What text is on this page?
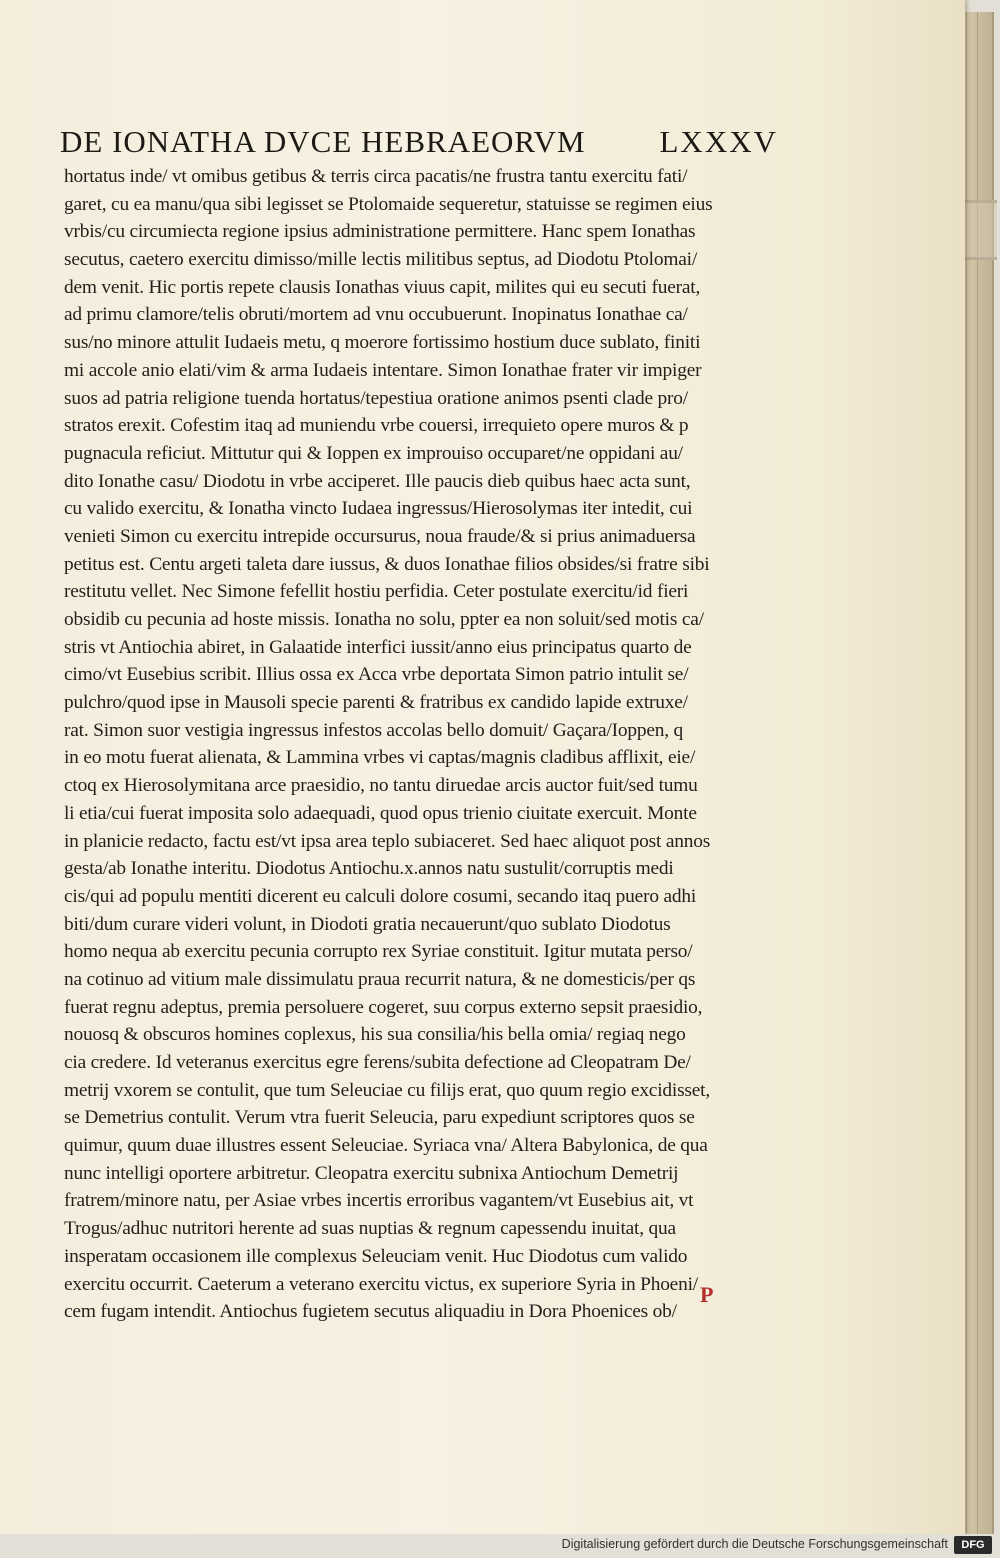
DE IONATHA DVCE HEBRAEORVM LXXXV
hortatus inde/ vt omibus getibus & terris circa pacatis/ne frustra tantu exercitu fati/
garet, cu ea manu/qua sibi legisset se Ptolomaide sequeretur, statuisse se regimen eius
vrbis/cu circumiecta regione ipsius administratione permittere. Hanc spem Ionathas
secutus, caetero exercitu dimisso/mille lectis militibus septus, ad Diodotu Ptolomai/
dem venit. Hic portis repete clausis Ionathas viuus capit, milites qui eu secuti fuerat,
ad primu clamore/telis obruti/mortem ad vnu occubuerunt. Inopinatus Ionathae ca/
sus/no minore attulit Iudaeis metu, q moerore fortissimo hostium duce sublato, finiti
mi accole anio elati/vim & arma Iudaeis intentare. Simon Ionathae frater vir impiger
suos ad patria religione tuenda hortatus/tepestiua oratione animos psenti clade pro/
stratos erexit. Cofestim itaq ad muniendu vrbe couersi, irrequieto opere muros & p
pugnacula reficiut. Mittutur qui & Ioppen ex improuiso occuparet/ne oppidani au/
dito Ionathe casu/ Diodotu in vrbe acciperet. Ille paucis dieb quibus haec acta sunt,
cu valido exercitu, & Ionatha vincto Iudaea ingressus/Hierosolymas iter intedit, cui
venieti Simon cu exercitu intrepide occursurus, noua fraude/& si prius animaduersa
petitus est. Centu argeti taleta dare iussus, & duos Ionathae filios obsides/si fratre sibi
restitutu vellet. Nec Simone fefellit hostiu perfidia. Ceter postulate exercitu/id fieri
obsidib cu pecunia ad hoste missis. Ionatha no solu, ppter ea non soluit/sed motis ca/
stris vt Antiochia abiret, in Galaatide interfici iussit/anno eius principatus quarto de
cimo/vt Eusebius scribit. Illius ossa ex Acca vrbe deportata Simon patrio intulit se/
pulchro/quod ipse in Mausoli specie parenti & fratribus ex candido lapide extruxe/
rat. Simon suor vestigia ingressus infestos accolas bello domuit/ Gaçara/Ioppen, q
in eo motu fuerat alienata, & Lammina vrbes vi captas/magnis cladibus afflixit, eie/
ctoq ex Hierosolymitana arce praesidio, no tantu diruedae arcis auctor fuit/sed tumu
li etia/cui fuerat imposita solo adaequadi, quod opus trienio ciuitate exercuit. Monte
in planicie redacto, factu est/vt ipsa area teplo subiaceret. Sed haec aliquot post annos
gesta/ab Ionathe interitu. Diodotus Antiochu.x.annos natu sustulit/corruptis medi
cis/qui ad populu mentiti dicerent eu calculi dolore cosumi, secando itaq puero adhi
biti/dum curare videri volunt, in Diodoti gratia necauerunt/quo sublato Diodotus
homo nequa ab exercitu pecunia corrupto rex Syriae constituit. Igitur mutata perso/
na cotinuo ad vitium male dissimulatu praua recurrit natura, & ne domesticis/per qs
fuerat regnu adeptus, premia persoluere cogeret, suu corpus externo sepsit praesidio,
nouosq & obscuros homines coplexus, his sua consilia/his bella omia/ regiaq nego
cia credere. Id veteranus exercitus egre ferens/subita defectione ad Cleopatram De/
metrij vxorem se contulit, que tum Seleuciae cu filijs erat, quo quum regio excidisset,
se Demetrius contulit. Verum vtra fuerit Seleucia, paru expediunt scriptores quos se
quimur, quum duae illustres essent Seleuciae. Syriaca vna/ Altera Babylonica, de qua
nunc intelligi oportere arbitretur. Cleopatra exercitu subnixa Antiochum Demetrij
fratrem/minore natu, per Asiae vrbes incertis erroribus vagantem/vt Eusebius ait, vt
Trogus/adhuc nutritori herente ad suas nuptias & regnum capessendu inuitat, qua
insperatam occasionem ille complexus Seleuciam venit. Huc Diodotus cum valido
exercitu occurrit. Caeterum a veterano exercitu victus, ex superiore Syria in Phoeni/
cem fugam intendit. Antiochus fugietem secutus aliquadiu in Dora Phoenices ob/
P
Digitalisierung gefördert durch die Deutsche Forschungsgemeinschaft	DFG
